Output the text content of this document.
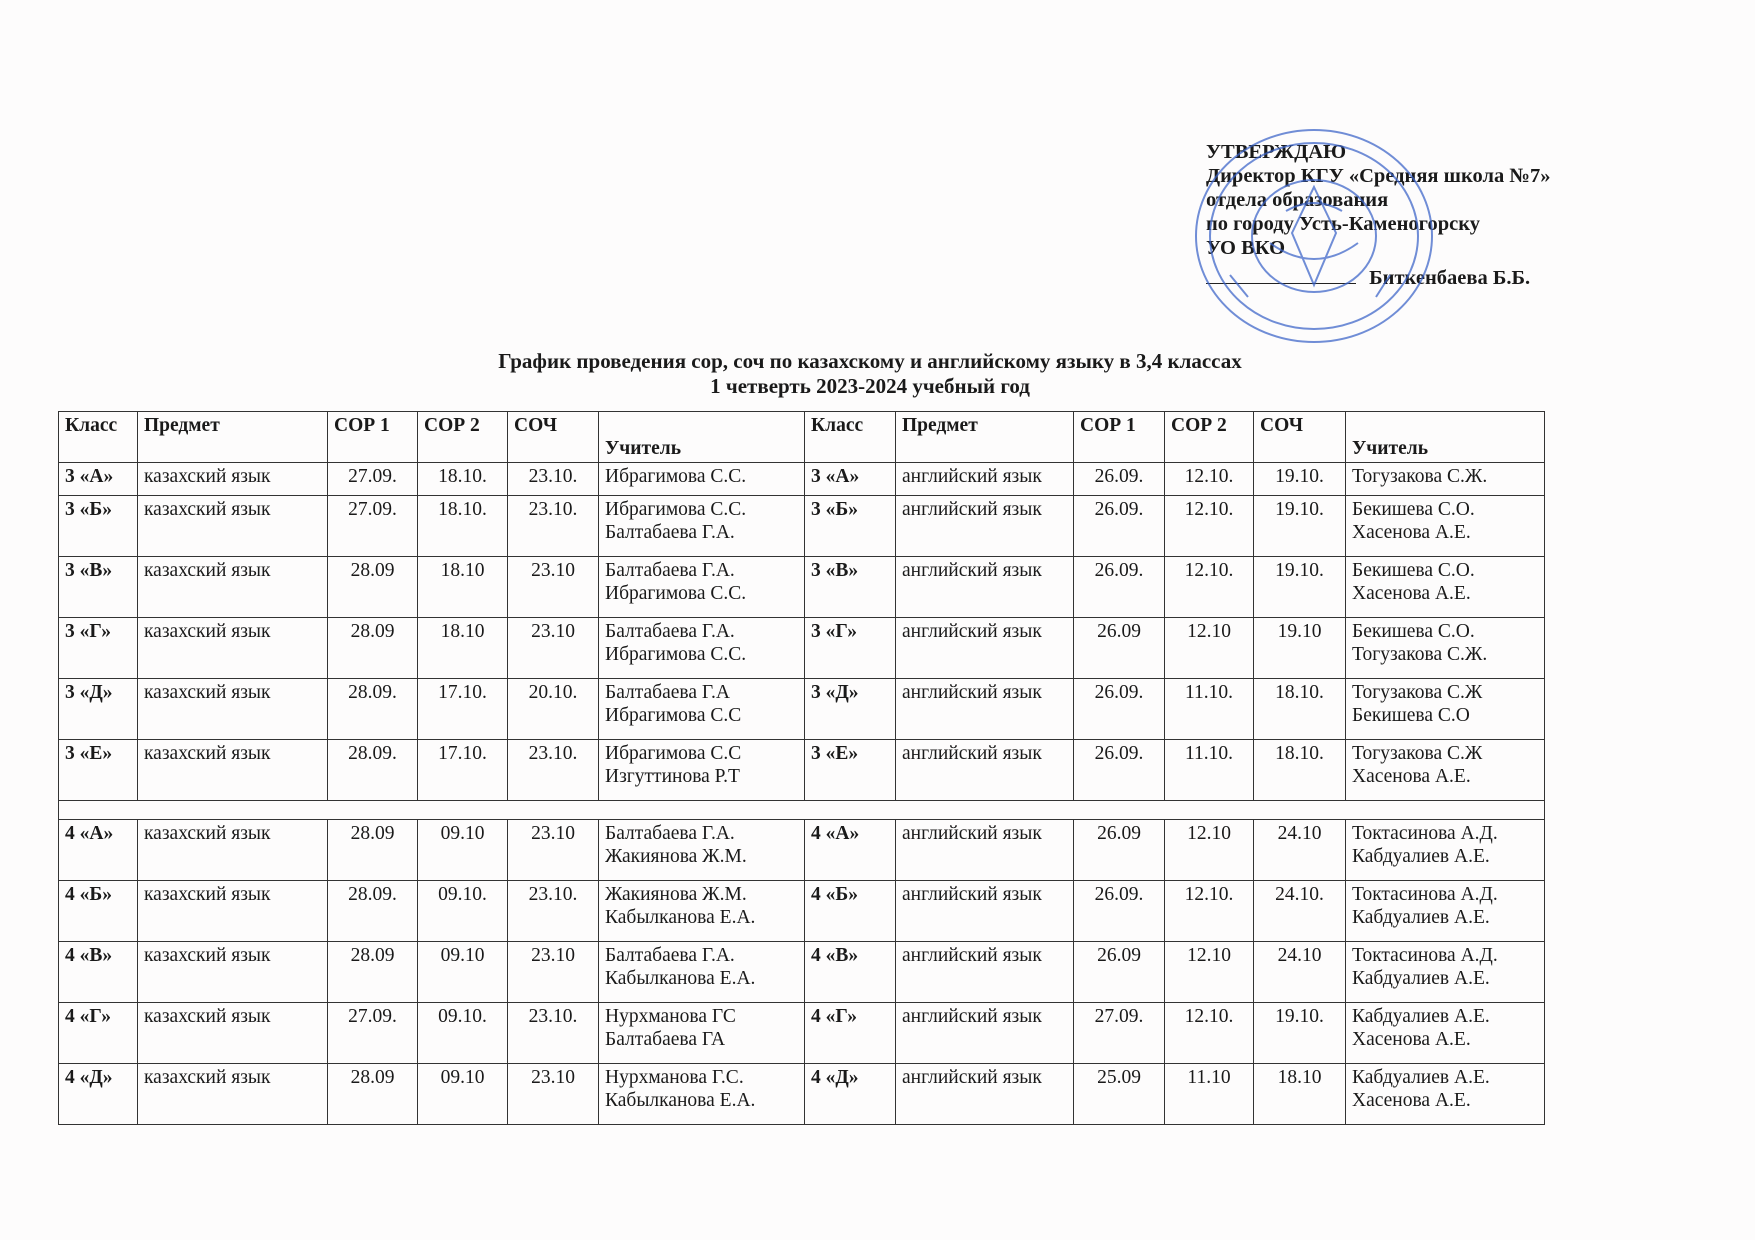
УТВЕРЖДАЮ
Директор КГУ «Средняя школа №7»
отдела образования
по городу Усть-Каменогорску
УО ВКО
Биткенбаева Б.Б.
График проведения сор, соч по казахскому и английскому языку в 3,4 классах
1 четверть 2023-2024 учебный год
Класс	Предмет	СОР 1	СОР 2	СОЧ	Учитель	Класс	Предмет	СОР 1	СОР 2	СОЧ	Учитель
3 «А»	казахский язык	27.09.	18.10.	23.10.	Ибрагимова С.С.	3 «А»	английский язык	26.09.	12.10.	19.10.	Тогузакова С.Ж.
3 «Б»	казахский язык	27.09.	18.10.	23.10.	Ибрагимова С.С. Балтабаева Г.А.	3 «Б»	английский язык	26.09.	12.10.	19.10.	Бекишева С.О. Хасенова А.Е.
3 «В»	казахский язык	28.09	18.10	23.10	Балтабаева Г.А. Ибрагимова С.С.	3 «В»	английский язык	26.09.	12.10.	19.10.	Бекишева С.О. Хасенова А.Е.
3 «Г»	казахский язык	28.09	18.10	23.10	Балтабаева Г.А. Ибрагимова С.С.	3 «Г»	английский язык	26.09	12.10	19.10	Бекишева С.О. Тогузакова С.Ж.
3 «Д»	казахский язык	28.09.	17.10.	20.10.	Балтабаева Г.А Ибрагимова С.С	3 «Д»	английский язык	26.09.	11.10.	18.10.	Тогузакова С.Ж Бекишева С.О
3 «Е»	казахский язык	28.09.	17.10.	23.10.	Ибрагимова С.С Изгуттинова Р.Т	3 «Е»	английский язык	26.09.	11.10.	18.10.	Тогузакова С.Ж Хасенова А.Е.

4 «А»	казахский язык	28.09	09.10	23.10	Балтабаева Г.А. Жакиянова Ж.М.	4 «А»	английский язык	26.09	12.10	24.10	Токтасинова А.Д. Кабдуалиев А.Е.
4 «Б»	казахский язык	28.09.	09.10.	23.10.	Жакиянова Ж.М. Кабылканова Е.А.	4 «Б»	английский язык	26.09.	12.10.	24.10.	Токтасинова А.Д. Кабдуалиев А.Е.
4 «В»	казахский язык	28.09	09.10	23.10	Балтабаева Г.А. Кабылканова Е.А.	4 «В»	английский язык	26.09	12.10	24.10	Токтасинова А.Д. Кабдуалиев А.Е.
4 «Г»	казахский язык	27.09.	09.10.	23.10.	Нурхманова ГС Балтабаева ГА	4 «Г»	английский язык	27.09.	12.10.	19.10.	Кабдуалиев А.Е. Хасенова А.Е.
4 «Д»	казахский язык	28.09	09.10	23.10	Нурхманова Г.С. Кабылканова Е.А.	4 «Д»	английский язык	25.09	11.10	18.10	Кабдуалиев А.Е. Хасенова А.Е.
